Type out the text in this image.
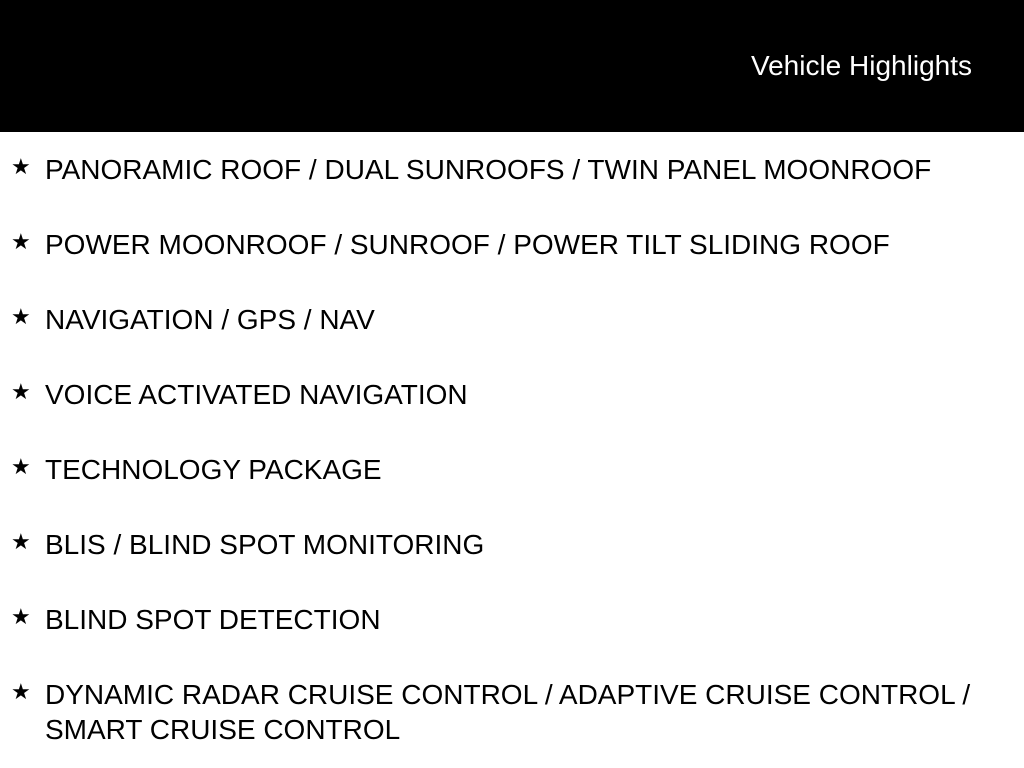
Vehicle Highlights
★ PANORAMIC ROOF / DUAL SUNROOFS / TWIN PANEL MOONROOF
★ POWER MOONROOF / SUNROOF / POWER TILT SLIDING ROOF
★ NAVIGATION / GPS / NAV
★ VOICE ACTIVATED NAVIGATION
★ TECHNOLOGY PACKAGE
★ BLIS / BLIND SPOT MONITORING
★ BLIND SPOT DETECTION
★ DYNAMIC RADAR CRUISE CONTROL / ADAPTIVE CRUISE CONTROL / SMART CRUISE CONTROL
